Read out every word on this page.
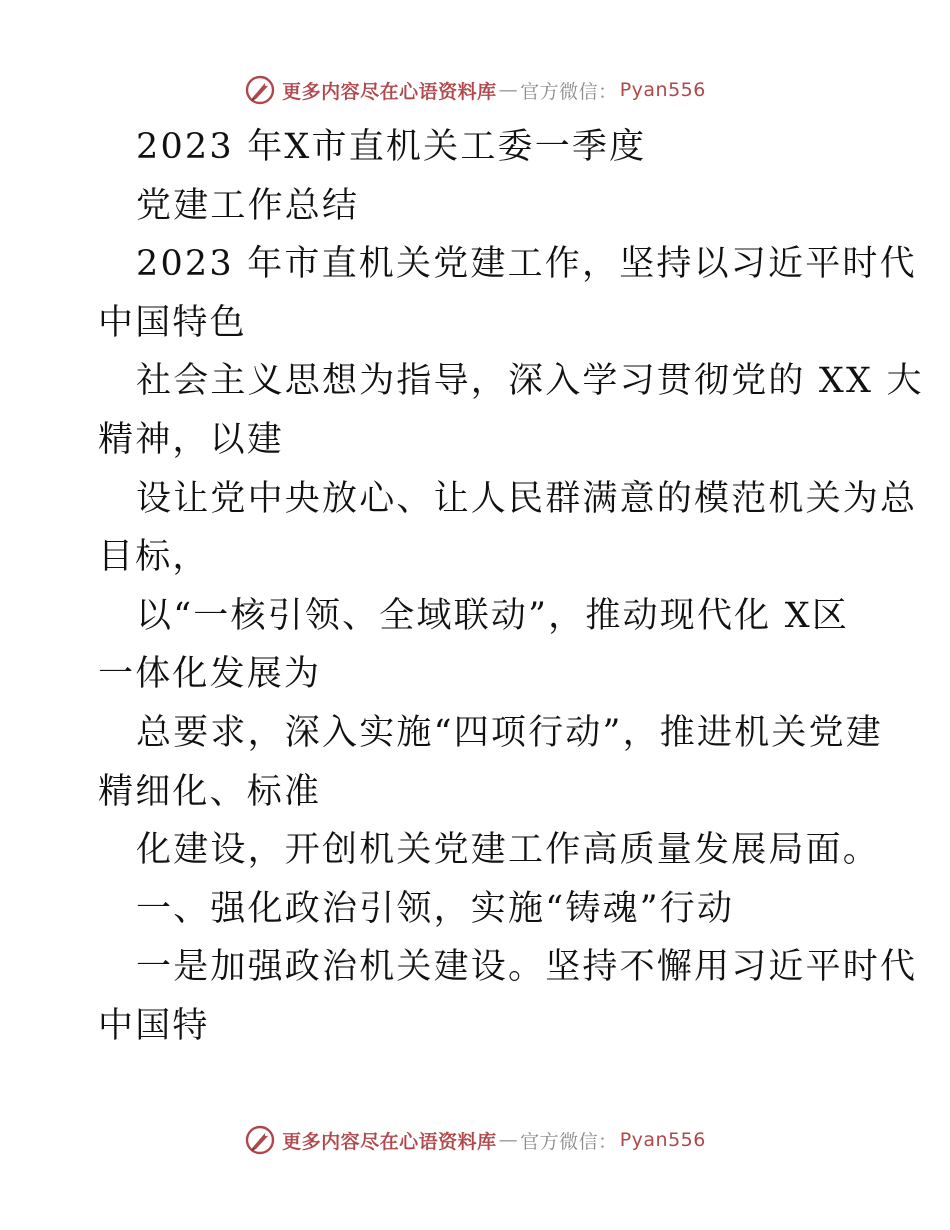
更多内容尽在心语资料库 — 官方微信： Pyan556
2023 年X市直机关工委一季度
党建工作总结
2023 年市直机关党建工作，坚持以习近平时代
中国特色
社会主义思想为指导，深入学习贯彻党的 XX 大
精神，以建
设让党中央放心、让人民群满意的模范机关为总
目标，
以“一核引领、全域联动”，推动现代化 X区
一体化发展为
总要求，深入实施“四项行动”，推进机关党建
精细化、标准
化建设，开创机关党建工作高质量发展局面。
一、强化政治引领，实施“铸魂”行动
一是加强政治机关建设。坚持不懈用习近平时代
中国特
更多内容尽在心语资料库 — 官方微信： Pyan556
